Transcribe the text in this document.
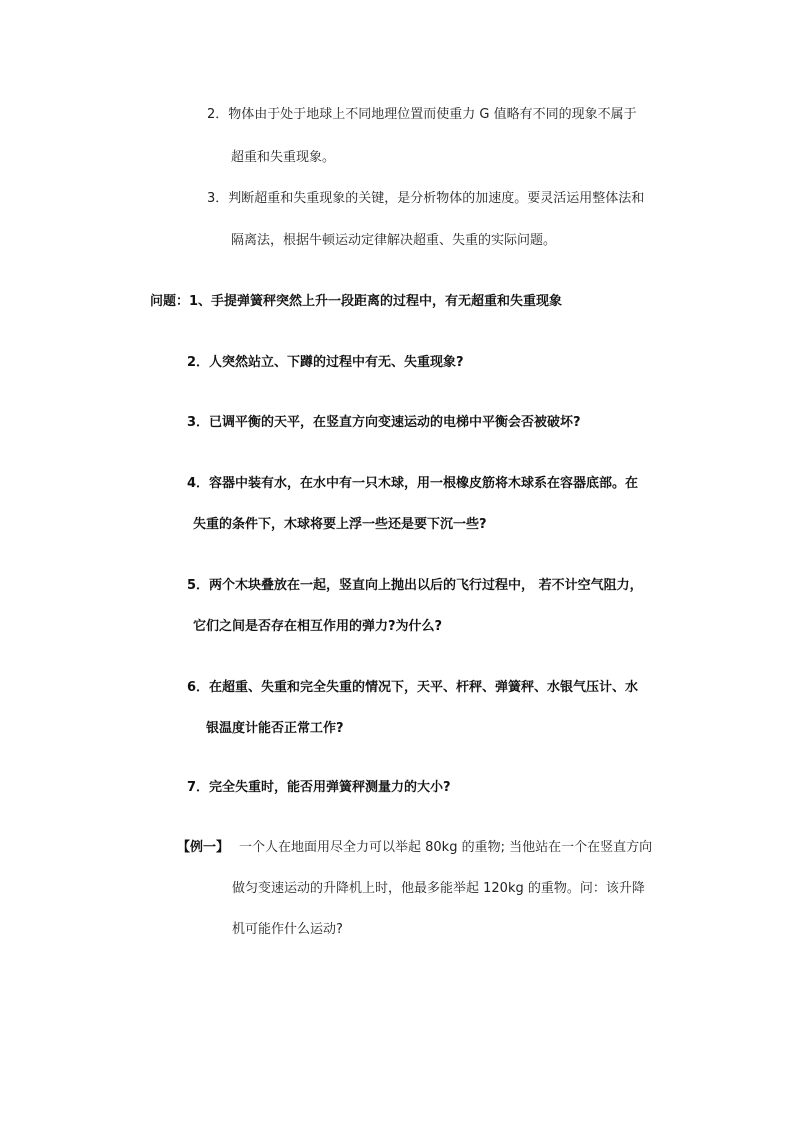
2．物体由于处于地球上不同地理位置而使重力 G 值略有不同的现象不属于
超重和失重现象。
3．判断超重和失重现象的关键，是分析物体的加速度。要灵活运用整体法和
隔离法，根据牛顿运动定律解决超重、失重的实际问题。
问题：1、手提弹簧秤突然上升一段距离的过程中，有无超重和失重现象
2．人突然站立、下蹲的过程中有无、失重现象?
3．已调平衡的天平，在竖直方向变速运动的电梯中平衡会否被破坏?
4．容器中装有水，在水中有一只木球，用一根橡皮筋将木球系在容器底部。在
失重的条件下，木球将要上浮一些还是要下沉一些?
5．两个木块叠放在一起，竖直向上抛出以后的飞行过程中， 若不计空气阻力，
它们之间是否存在相互作用的弹力?为什么?
6．在超重、失重和完全失重的情况下，天平、杆秤、弹簧秤、水银气压计、水
银温度计能否正常工作?
7．完全失重时，能否用弹簧秤测量力的大小?
【例一】 一个人在地面用尽全力可以举起 80kg 的重物; 当他站在一个在竖直方向
做匀变速运动的升降机上时，他最多能举起 120kg 的重物。问：该升降
机可能作什么运动?
